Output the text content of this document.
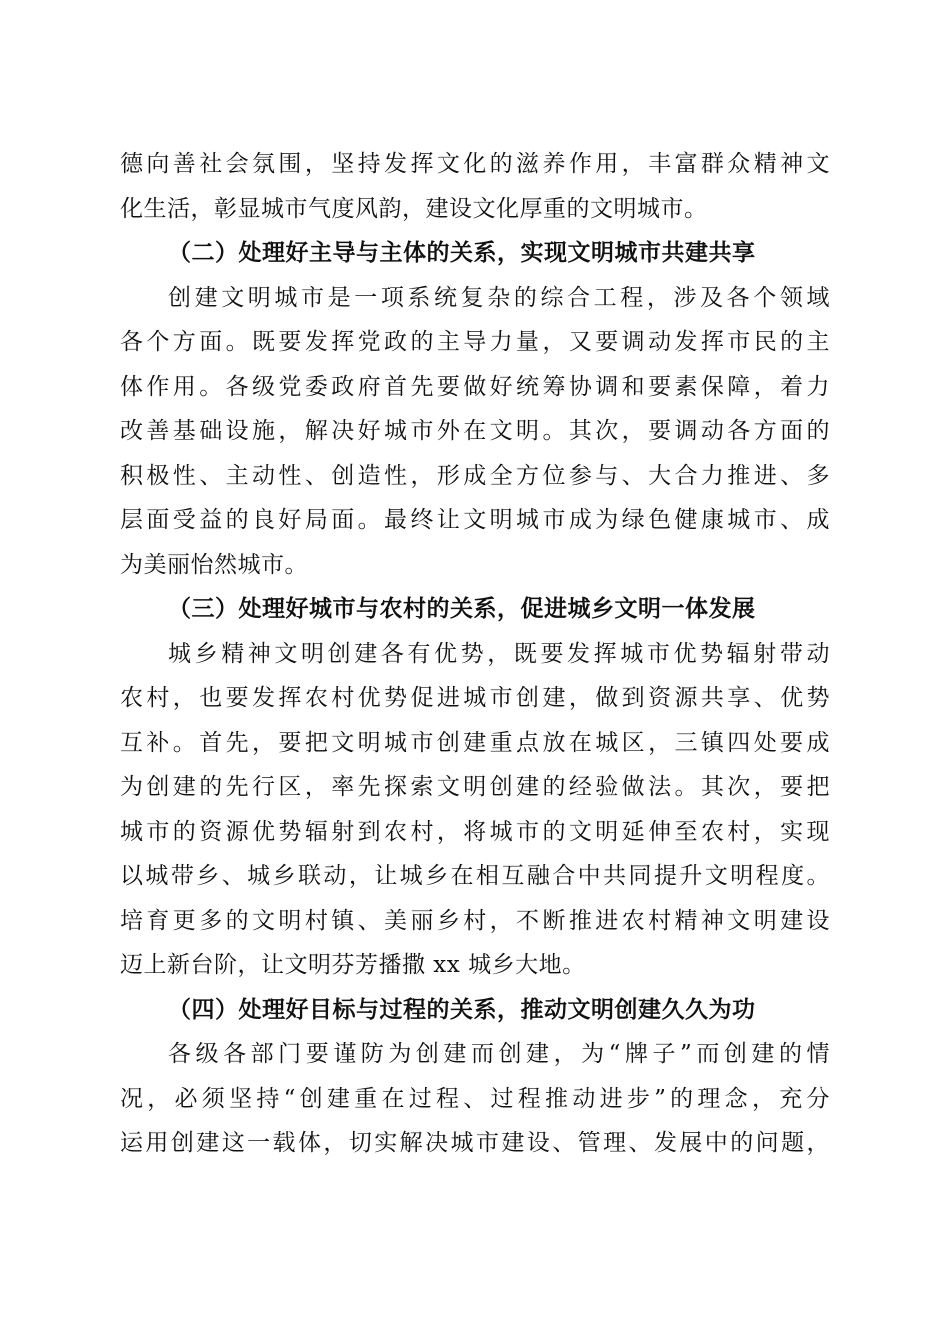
德向善社会氛围，坚持发挥文化的滋养作用，丰富群众精神文
化生活，彰显城市气度风韵，建设文化厚重的文明城市。
（二）处理好主导与主体的关系，实现文明城市共建共享
创建文明城市是一项系统复杂的综合工程，涉及各个领域
各个方面。既要发挥党政的主导力量，又要调动发挥市民的主
体作用。各级党委政府首先要做好统筹协调和要素保障，着力
改善基础设施，解决好城市外在文明。其次，要调动各方面的
积极性、主动性、创造性，形成全方位参与、大合力推进、多
层面受益的良好局面。最终让文明城市成为绿色健康城市、成
为美丽怡然城市。
（三）处理好城市与农村的关系，促进城乡文明一体发展
城乡精神文明创建各有优势，既要发挥城市优势辐射带动
农村，也要发挥农村优势促进城市创建，做到资源共享、优势
互补。首先，要把文明城市创建重点放在城区，三镇四处要成
为创建的先行区，率先探索文明创建的经验做法。其次，要把
城市的资源优势辐射到农村，将城市的文明延伸至农村，实现
以城带乡、城乡联动，让城乡在相互融合中共同提升文明程度。
培育更多的文明村镇、美丽乡村，不断推进农村精神文明建设
迈上新台阶，让文明芬芳播撒 xx 城乡大地。
（四）处理好目标与过程的关系，推动文明创建久久为功
各级各部门要谨防为创建而创建，为“牌子”而创建的情
况，必须坚持“创建重在过程、过程推动进步”的理念，充分
运用创建这一载体，切实解决城市建设、管理、发展中的问题，
